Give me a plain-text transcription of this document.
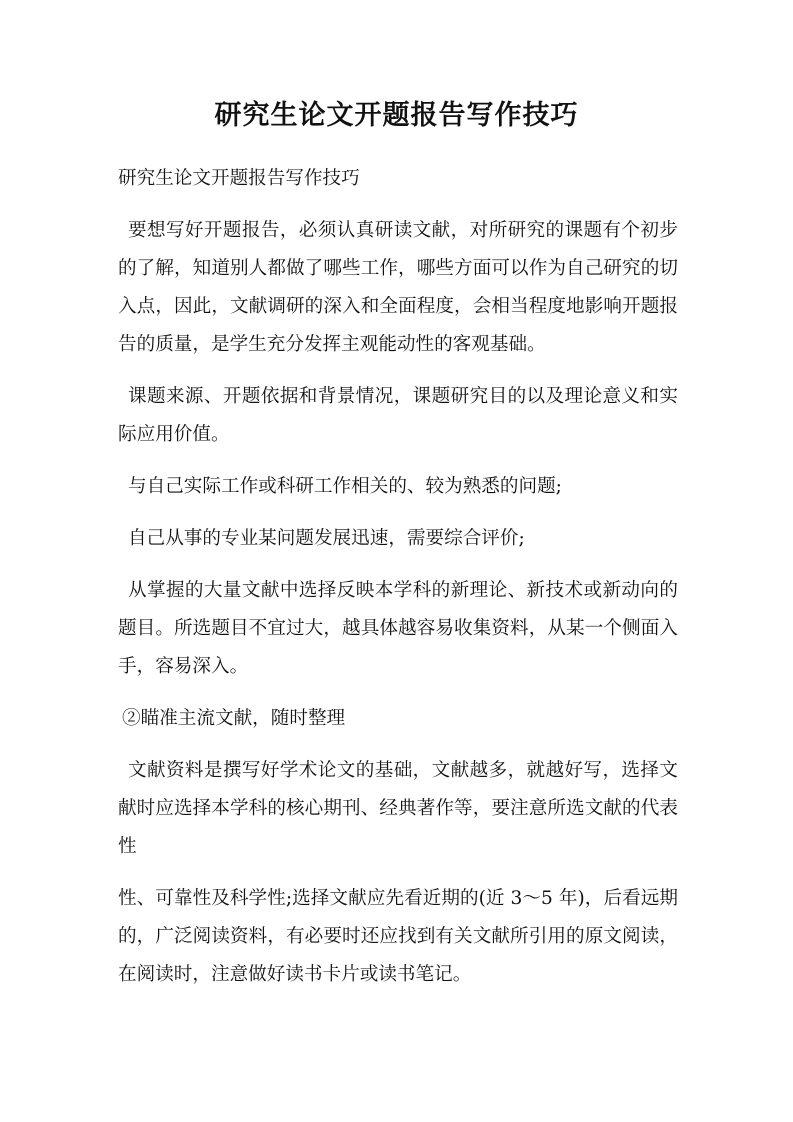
研究生论文开题报告写作技巧

研究生论文开题报告写作技巧

要想写好开题报告，必须认真研读文献，对所研究的课题有个初步的了解，知道别人都做了哪些工作，哪些方面可以作为自己研究的切入点，因此，文献调研的深入和全面程度，会相当程度地影响开题报告的质量，是学生充分发挥主观能动性的客观基础。

课题来源、开题依据和背景情况，课题研究目的以及理论意义和实际应用价值。

与自己实际工作或科研工作相关的、较为熟悉的问题;

自己从事的专业某问题发展迅速，需要综合评价;

从掌握的大量文献中选择反映本学科的新理论、新技术或新动向的题目。所选题目不宜过大，越具体越容易收集资料，从某一个侧面入手，容易深入。

②瞄准主流文献，随时整理

文献资料是撰写好学术论文的基础，文献越多，就越好写，选择文献时应选择本学科的核心期刊、经典著作等，要注意所选文献的代表性

性、可靠性及科学性;选择文献应先看近期的(近 3～5 年)，后看远期的，广泛阅读资料，有必要时还应找到有关文献所引用的原文阅读，在阅读时，注意做好读书卡片或读书笔记。
